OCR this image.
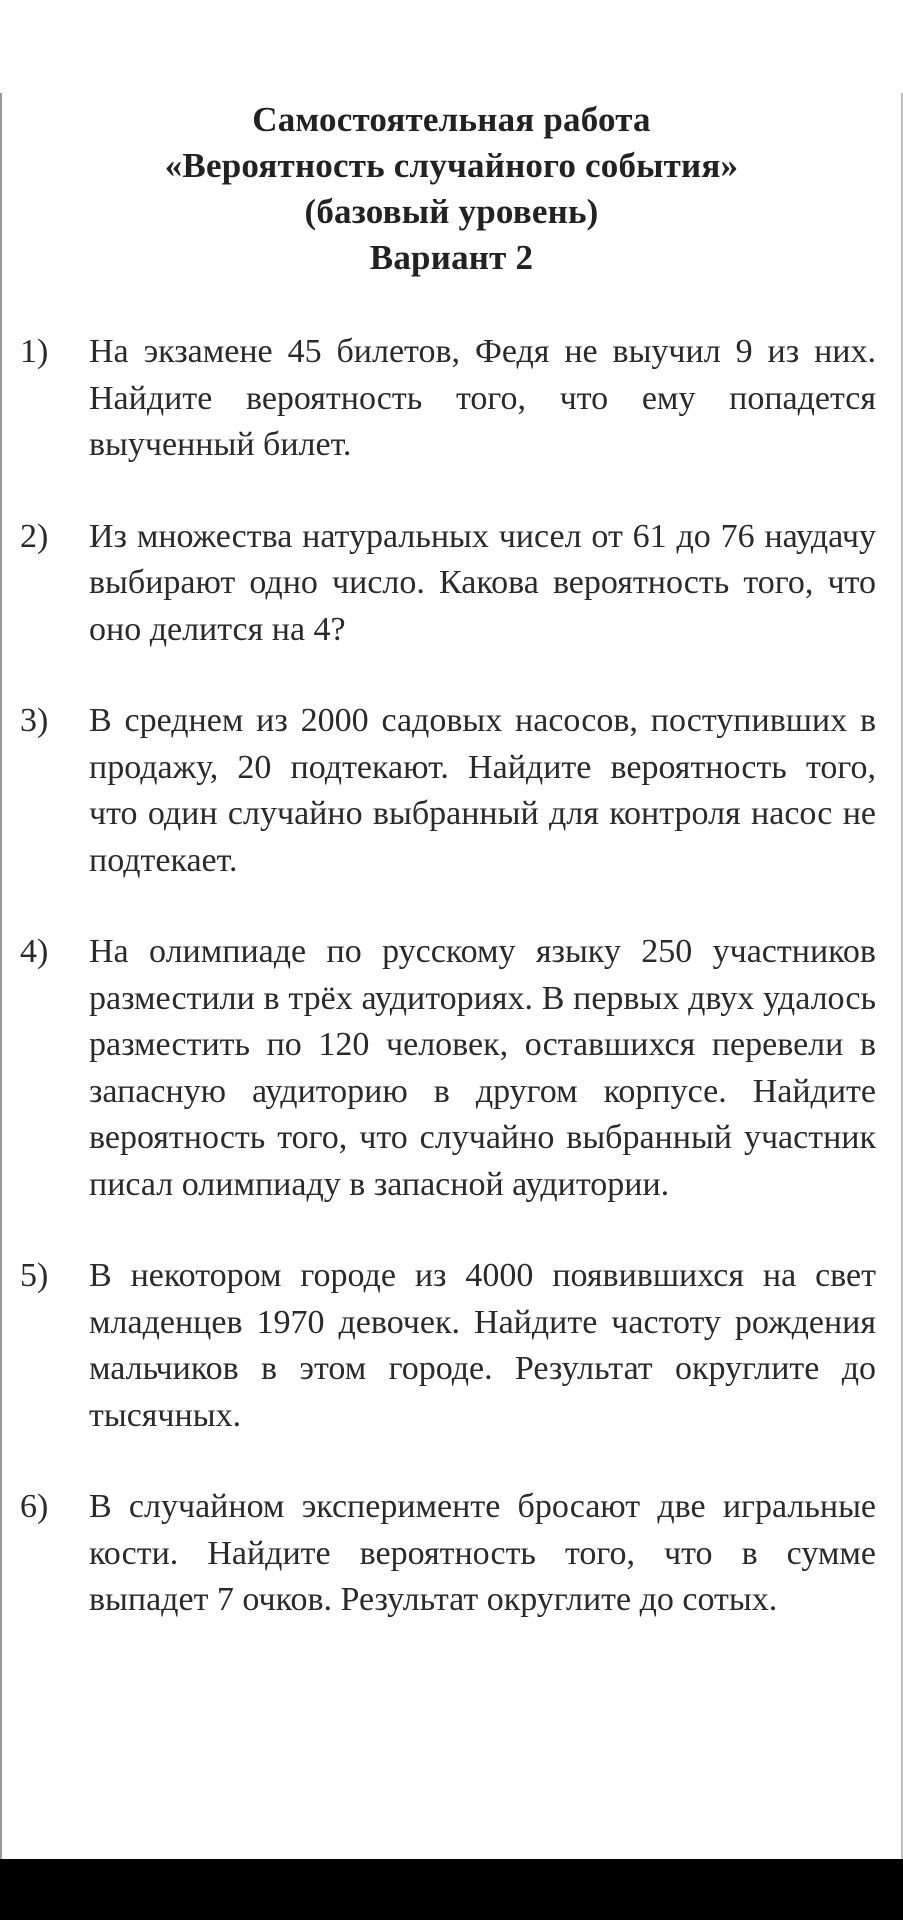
Самостоятельная работа
«Вероятность случайного события»
(базовый уровень)
Вариант 2
1) На экзамене 45 билетов, Федя не выучил 9 из них. Найдите вероятность того, что ему попадется выученный билет.
2) Из множества натуральных чисел от 61 до 76 наудачу выбирают одно число. Какова вероятность того, что оно делится на 4?
3) В среднем из 2000 садовых насосов, поступивших в продажу, 20 подтекают. Найдите вероятность того, что один случайно выбранный для контроля насос не подтекает.
4) На олимпиаде по русскому языку 250 участников разместили в трёх аудиториях. В первых двух удалось разместить по 120 человек, оставшихся перевели в запасную аудиторию в другом корпусе. Найдите вероятность того, что случайно выбранный участник писал олимпиаду в запасной аудитории.
5) В некотором городе из 4000 появившихся на свет младенцев 1970 девочек. Найдите частоту рождения мальчиков в этом городе. Результат округлите до тысячных.
6) В случайном эксперименте бросают две игральные кости. Найдите вероятность того, что в сумме выпадет 7 очков. Результат округлите до сотых.
